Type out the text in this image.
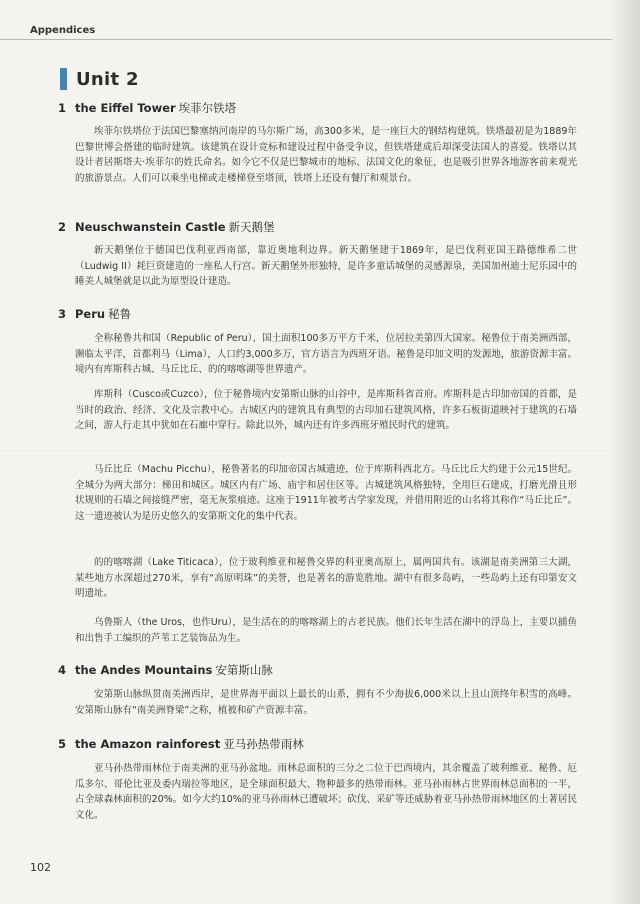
Appendices
Unit 2
1 the Eiffel Tower 埃菲尔铁塔

埃菲尔铁塔位于法国巴黎塞纳河南岸的马尔斯广场，高300多米，是一座巨大的钢结构建筑。铁塔最初是为1889年巴黎世博会搭建的临时建筑。该建筑在设计竞标和建设过程中备受争议，但铁塔建成后却深受法国人的喜爱。铁塔以其设计者居斯塔夫·埃菲尔的姓氏命名。如今它不仅是巴黎城市的地标、法国文化的象征，也是吸引世界各地游客前来观光的旅游景点。人们可以乘坐电梯或走楼梯登至塔顶，铁塔上还设有餐厅和观景台。

2 Neuschwanstein Castle 新天鹅堡

新天鹅堡位于德国巴伐利亚西南部，靠近奥地利边界。新天鹅堡建于1869年，是巴伐利亚国王路德维希二世（Ludwig II）耗巨资建造的一座私人行宫。新天鹅堡外形独特，是许多童话城堡的灵感源泉，美国加州迪士尼乐园中的睡美人城堡就是以此为原型设计建造。

3 Peru 秘鲁

全称秘鲁共和国（Republic of Peru），国土面积100多万平方千米，位居拉美第四大国家。秘鲁位于南美洲西部，濒临太平洋，首都利马（Lima），人口约3,000多万，官方语言为西班牙语。秘鲁是印加文明的发源地，旅游资源丰富。境内有库斯科古城、马丘比丘、的的喀喀湖等世界遗产。

库斯科（Cusco或Cuzco），位于秘鲁境内安第斯山脉的山谷中，是库斯科省首府。库斯科是古印加帝国的首都，是当时的政治、经济、文化及宗教中心。古城区内的建筑具有典型的古印加石建筑风格，许多石板街道映衬于建筑的石墙之间，游人行走其中犹如在石廊中穿行。除此以外，城内还有许多西班牙殖民时代的建筑。

马丘比丘（Machu Picchu），秘鲁著名的印加帝国古城遗迹，位于库斯科西北方。马丘比丘大约建于公元15世纪。全城分为两大部分：梯田和城区。城区内有广场、庙宇和居住区等。古城建筑风格独特，全用巨石建成，打磨光滑且形状规则的石墙之间接缝严密，毫无灰浆痕迹。这座于1911年被考古学家发现，并借用附近的山名将其称作“马丘比丘”。这一遗迹被认为是历史悠久的安第斯文化的集中代表。

的的喀喀湖（Lake Titicaca），位于玻利维亚和秘鲁交界的科亚奥高原上，属两国共有。该湖是南美洲第三大湖，某些地方水深超过270米，享有“高原明珠”的美誉，也是著名的游览胜地。湖中有很多岛屿，一些岛屿上还有印第安文明遗址。

乌鲁斯人（the Uros，也作Uru），是生活在的的喀喀湖上的古老民族。他们长年生活在湖中的浮岛上，主要以捕鱼和出售手工编织的芦苇工艺装饰品为生。

4 the Andes Mountains 安第斯山脉

安第斯山脉纵贯南美洲西岸，是世界海平面以上最长的山系，拥有不少海拔6,000米以上且山顶终年积雪的高峰。安第斯山脉有“南美洲脊梁”之称，植被和矿产资源丰富。

5 the Amazon rainforest 亚马孙热带雨林

亚马孙热带雨林位于南美洲的亚马孙盆地。雨林总面积的三分之二位于巴西境内，其余覆盖了玻利维亚、秘鲁、厄瓜多尔、哥伦比亚及委内瑞拉等地区，是全球面积最大、物种最多的热带雨林。亚马孙雨林占世界雨林总面积的一半，占全球森林面积的20%。如今大约10%的亚马孙雨林已遭破坏；砍伐、采矿等还威胁着亚马孙热带雨林地区的土著居民文化。

102
